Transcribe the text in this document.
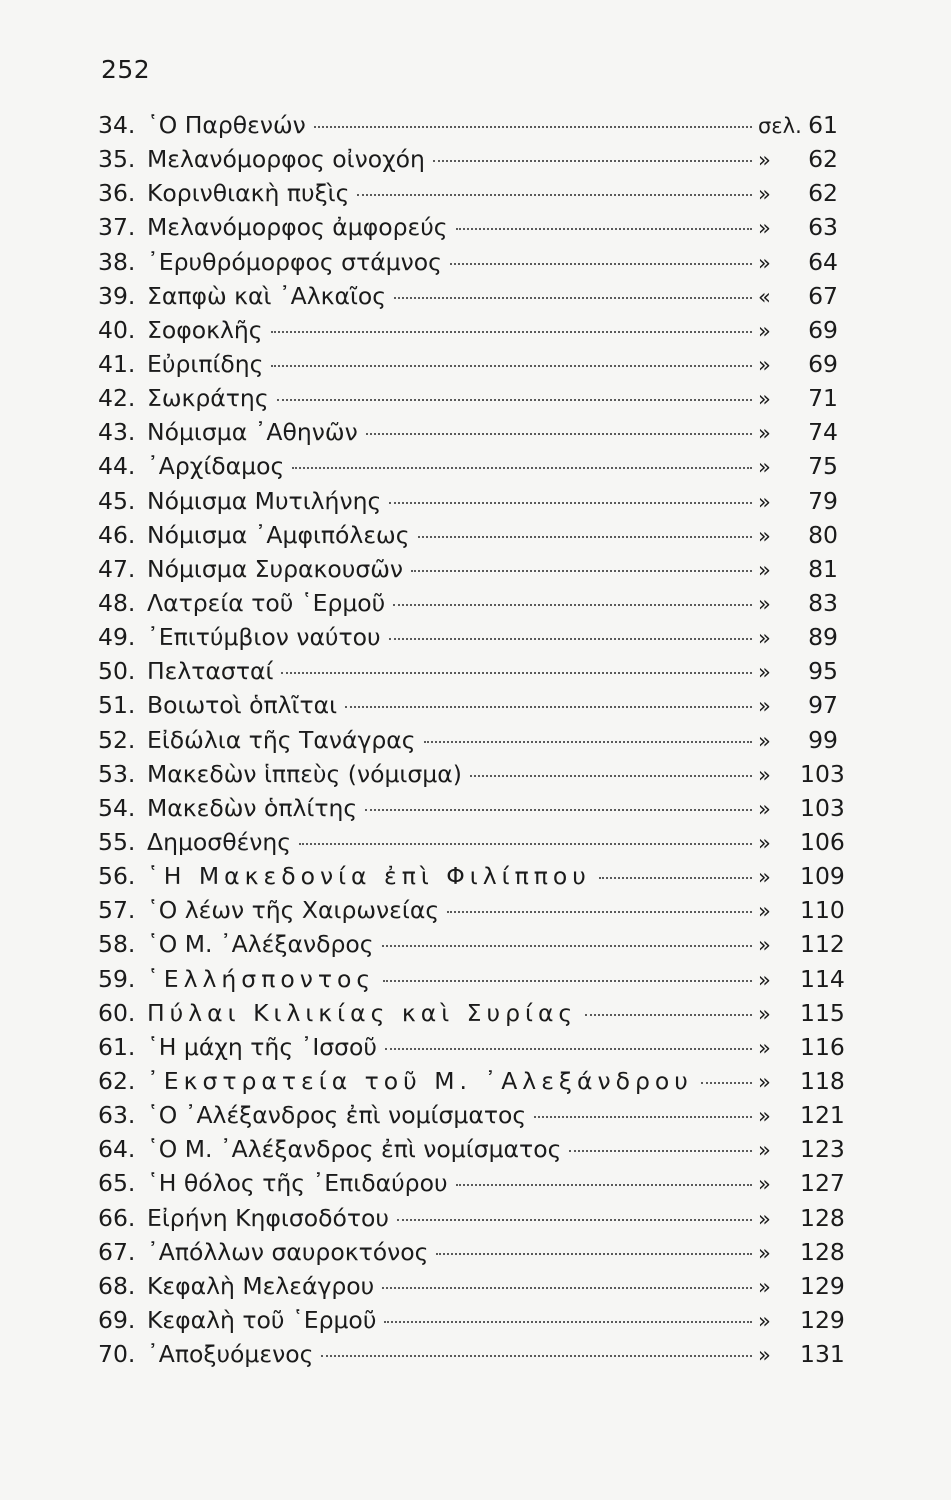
252
34. ῾Ο Παρθενών	σελ. 61
35. Μελανόμορφος οἰνοχόη	»	62
36. Κορινθιακὴ πυξὶς	»	62
37. Μελανόμορφος ἀμφορεύς	»	63
38. ᾿Ερυθρόμορφος στάμνος	»	64
39. Σαπφὼ καὶ ᾿Αλκαῖος	«	67
40. Σοφοκλῆς	»	69
41. Εὐριπίδης	»	69
42. Σωκράτης	»	71
43. Νόμισμα ᾿Αθηνῶν	»	74
44. ᾿Αρχίδαμος	»	75
45. Νόμισμα Μυτιλήνης	»	79
46. Νόμισμα ᾿Αμφιπόλεως	»	80
47. Νόμισμα Συρακουσῶν	»	81
48. Λατρεία τοῦ ῾Ερμοῦ	»	83
49. ᾿Επιτύμβιον ναύτου	»	89
50. Πελτασταί	»	95
51. Βοιωτοὶ ὁπλῖται	»	97
52. Εἰδώλια τῆς Τανάγρας	»	99
53. Μακεδὼν ἱππεὺς (νόμισμα)	»	103
54. Μακεδὼν ὁπλίτης	»	103
55. Δημοσθένης	»	106
56. ῾Η Μακεδονία ἐπὶ Φιλίππου	»	109
57. ῾Ο λέων τῆς Χαιρωνείας	»	110
58. ῾Ο Μ. ᾿Αλέξανδρος	»	112
59. ῾Ελλήσποντος	»	114
60. Πύλαι Κιλικίας καὶ Συρίας	»	115
61. ῾Η μάχη τῆς ᾿Ισσοῦ	»	116
62. ᾿Εκστρατεία τοῦ Μ. ᾿Αλεξάνδρου	»	118
63. ῾Ο ᾿Αλέξανδρος ἐπὶ νομίσματος	»	121
64. ῾Ο Μ. ᾿Αλέξανδρος ἐπὶ νομίσματος	»	123
65. ῾Η θόλος τῆς ᾿Επιδαύρου	»	127
66. Εἰρήνη Κηφισοδότου	»	128
67. ᾿Απόλλων σαυροκτόνος	»	128
68. Κεφαλὴ Μελεάγρου	»	129
69. Κεφαλὴ τοῦ ῾Ερμοῦ	»	129
70. ᾿Αποξυόμενος	»	131
